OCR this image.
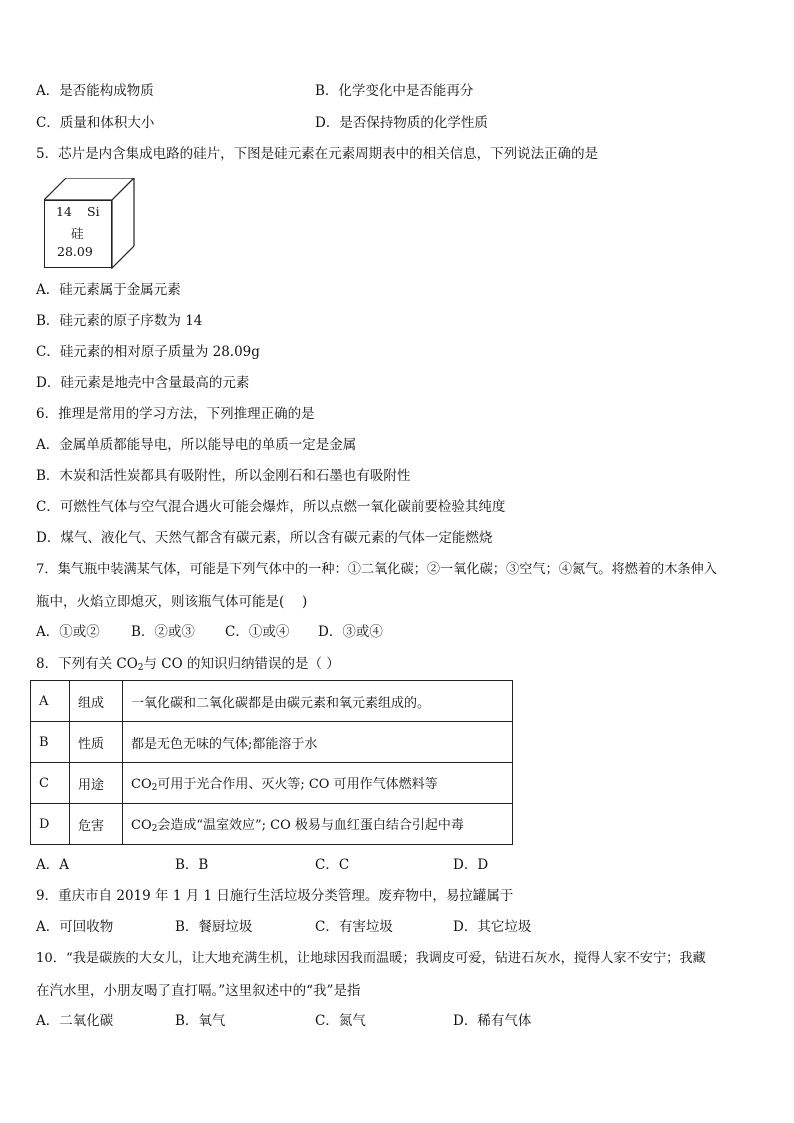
A．是否能构成物质	B．化学变化中是否能再分
C．质量和体积大小	D．是否保持物质的化学性质
5．芯片是内含集成电路的硅片，下图是硅元素在元素周期表中的相关信息，下列说法正确的是
14 Si
硅
28.09
A．硅元素属于金属元素
B．硅元素的原子序数为 14
C．硅元素的相对原子质量为 28.09g
D．硅元素是地壳中含量最高的元素
6．推理是常用的学习方法，下列推理正确的是
A．金属单质都能导电，所以能导电的单质一定是金属
B．木炭和活性炭都具有吸附性，所以金刚石和石墨也有吸附性
C．可燃性气体与空气混合遇火可能会爆炸，所以点燃一氧化碳前要检验其纯度
D．煤气、液化气、天然气都含有碳元素，所以含有碳元素的气体一定能燃烧
7．集气瓶中装满某气体，可能是下列气体中的一种：①二氧化碳；②一氧化碳；③空气；④氮气。将燃着的木条伸入
瓶中，火焰立即熄灭，则该瓶气体可能是(　 )
A．①或② B．②或③ C．①或④ D．③或④
8．下列有关 $CO_2$与 CO 的知识归纳错误的是（ ）
A	组成	一氧化碳和二氧化碳都是由碳元素和氧元素组成的。
B	性质	都是无色无味的气体;都能溶于水
C	用途	$CO_2$可用于光合作用、灭火等; CO 可用作气体燃料等
D	危害	$CO_2$会造成“温室效应”; CO 极易与血红蛋白结合引起中毒
A．A	B．B	C．C	D．D
9．重庆市自 2019 年 1 月 1 日施行生活垃圾分类管理。废弃物中，易拉罐属于
A．可回收物	B．餐厨垃圾	C．有害垃圾	D．其它垃圾
10．“我是碳族的大女儿，让大地充满生机，让地球因我而温暖；我调皮可爱，钻进石灰水，搅得人家不安宁；我藏
在汽水里，小朋友喝了直打嗝。”这里叙述中的“我”是指
A．二氧化碳	B．氧气	C．氮气	D．稀有气体
